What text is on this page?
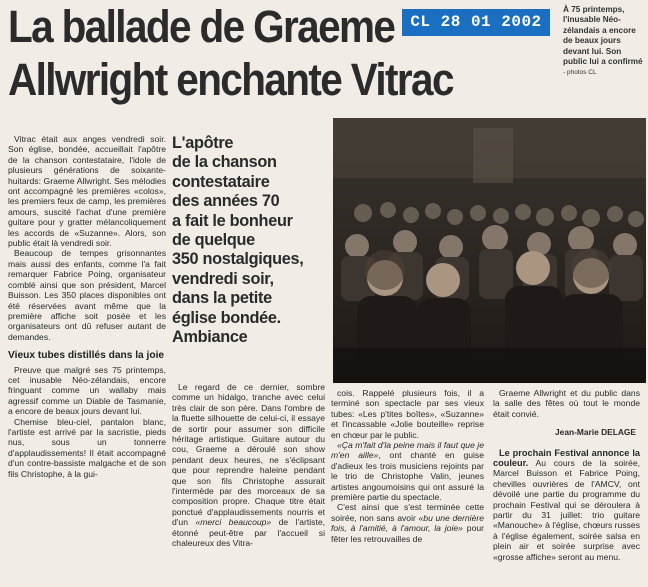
La ballade de Graeme
Allwright enchante Vitrac
CL 28 01 2002
À 75 printemps, l'inusable Néo-zélandais a encore de beaux jours devant lui. Son public lui a confirmé
- photos CL
L'apôtre
de la chanson
contestataire
des années 70
a fait le bonheur
de quelque
350 nostalgiques,
vendredi soir,
dans la petite
église bondée.
Ambiance

Vitrac était aux anges vendredi soir. Son église, bondée, accueillait l'apôtre de la chanson contestataire, l'idole de plusieurs générations de soixante-huitards: Graeme Allwright. Ses mélodies ont accompagné les premières «colos», les premiers feux de camp, les premières amours, suscité l'achat d'une première guitare pour y gratter mélancoliquement les accords de «Suzanne». Alors, son public était là vendredi soir.

Beaucoup de tempes grisonnantes mais aussi des enfants, comme l'a fait remarquer Fabrice Poing, organisateur comblé ainsi que son président, Marcel Buisson. Les 350 places disponibles ont été réservées avant même que la première affiche soit posée et les organisateurs ont dû refuser autant de demandes.

Vieux tubes distillés dans la joie

Preuve que malgré ses 75 printemps, cet inusable Néo-zélandais, encore fringuant comme un wallaby mais agressif comme un Diable de Tasmanie, a encore de beaux jours devant lui.

Chemise bleu-ciel, pantalon blanc, l'artiste est arrivé par la sacristie, pieds nus, sous un tonnerre d'applaudissements! Il était accompagné d'un contre-bassiste malgache et de son fils Christophe, à la gui-

Le regard de ce dernier, sombre comme un hidalgo, tranche avec celui très clair de son père. Dans l'ombre de la fluette silhouette de celui-ci, il essaye de sortir pour assumer son difficile héritage artistique. Guitare autour du cou, Graeme a déroulé son show pendant deux heures, ne s'éclipsant que pour reprendre haleine pendant que son fils Christophe assurait l'intermède par des morceaux de sa composition propre. Chaque titre était ponctué d'applaudissements nourris et d'un «merci beaucoup» de l'artiste, étonné peut-être par l'accueil si chaleureux des Vitra-

cois. Rappelé plusieurs fois, il a terminé son spectacle par ses vieux tubes: «Les p'tites boîtes», «Suzanne» et l'incassable «Jolie bouteille» reprise en chœur par le public.

«Ça m'fait d'la peine mais il faut que je m'en aille», ont chanté en guise d'adieux les trois musiciens rejoints par le trio de Christophe Valin, jeunes artistes angoumoisins qui ont assuré la première partie du spectacle.

C'est ainsi que s'est terminée cette soirée, non sans avoir «bu une dernière fois, à l'amitié, à l'amour, la joie» pour fêter les retrouvailles de

Graeme Allwright et du public dans la salle des fêtes où tout le monde était convié.

Jean-Marie DELAGE

Le prochain Festival annonce la couleur. Au cours de la soirée, Marcel Buisson et Fabrice Poing, chevilles ouvrières de l'AMCV, ont dévoilé une partie du programme du prochain Festival qui se déroulera à partir du 31 juillet: trio guitare «Manouche» à l'église, chœurs russes à l'église également, soirée salsa en plein air et soirée surprise avec «grosse affiche» seront au menu.
